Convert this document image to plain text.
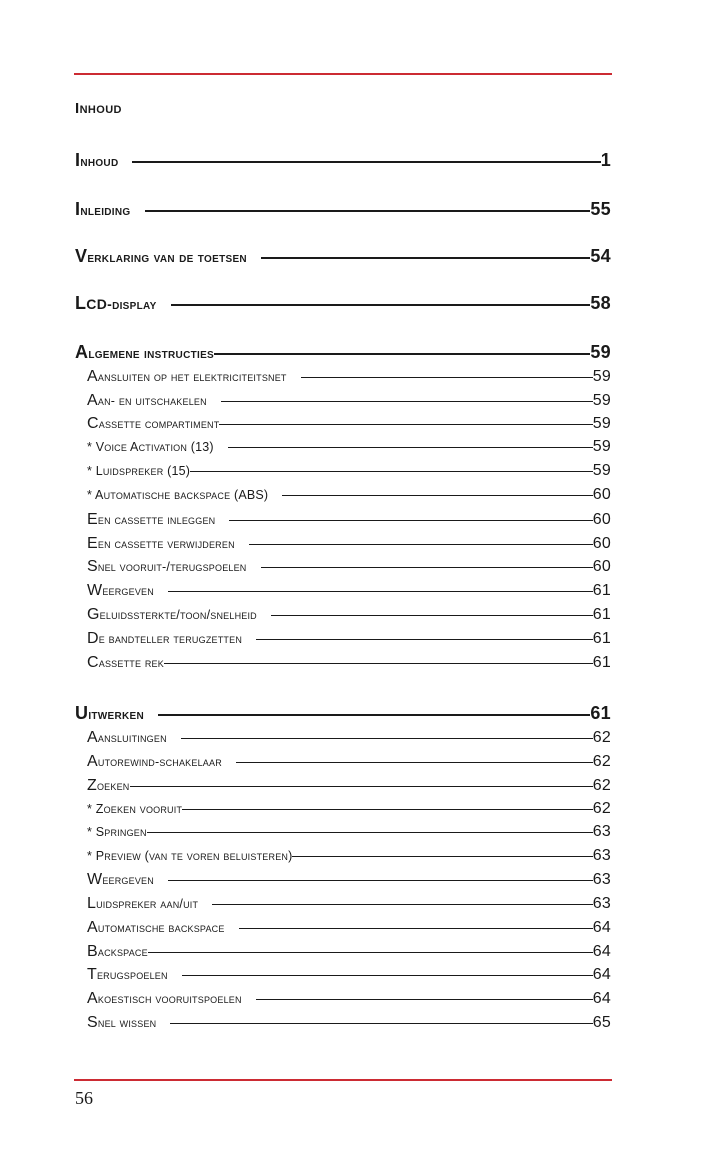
Inhoud
Inhoud	1
Inleiding	55
Verklaring van de toetsen	54
LCD-display	58
Algemene instructies	59
Aansluiten op het elektriciteitsnet	59
Aan- en uitschakelen	59
Cassette compartiment	59
* Voice Activation (13)	59
* Luidspreker (15)	59
* Automatische backspace (ABS)	60
Een cassette inleggen	60
Een cassette verwijderen	60
Snel vooruit-/terugspoelen	60
Weergeven	61
Geluidssterkte/toon/snelheid	61
De bandteller terugzetten	61
Cassette rek	61
Uitwerken	61
Aansluitingen	62
Autorewind-schakelaar	62
Zoeken	62
* Zoeken vooruit	62
* Springen	63
* Preview (van te voren beluisteren)	63
Weergeven	63
Luidspreker aan/uit	63
Automatische backspace	64
Backspace	64
Terugspoelen	64
Akoestisch vooruitspoelen	64
Snel wissen	65

56
